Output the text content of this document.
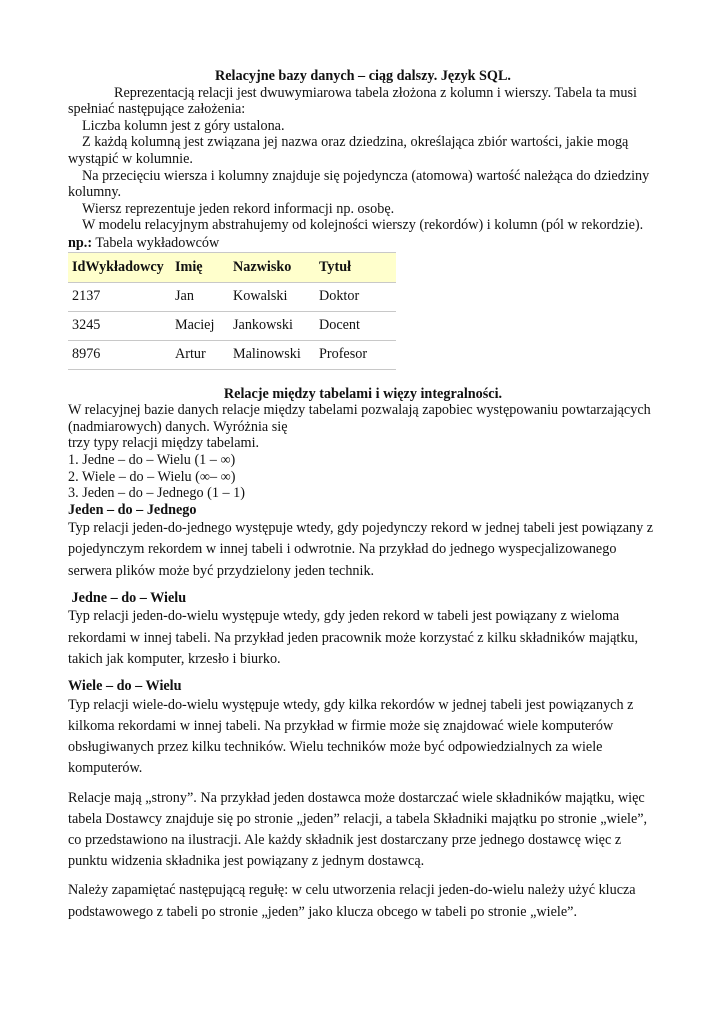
Relacyjne bazy danych – ciąg dalszy. Język SQL.

Reprezentacją relacji jest dwuwymiarowa tabela złożona z kolumn i wierszy. Tabela ta musi spełniać następujące założenia:

Liczba kolumn jest z góry ustalona.

Z każdą kolumną jest związana jej nazwa oraz dziedzina, określająca zbiór wartości, jakie mogą wystąpić w kolumnie.

Na przecięciu wiersza i kolumny znajduje się pojedyncza (atomowa) wartość należąca do dziedziny kolumny.

Wiersz reprezentuje jeden rekord informacji np. osobę.

W modelu relacyjnym abstrahujemy od kolejności wierszy (rekordów) i kolumn (pól w rekordzie).

np.: Tabela wykładowców

IdWykładowcy	Imię	Nazwisko	Tytuł
2137	Jan	Kowalski	Doktor
3245	Maciej	Jankowski	Docent
8976	Artur	Malinowski	Profesor

Relacje między tabelami i więzy integralności.

W relacyjnej bazie danych relacje między tabelami pozwalają zapobiec występowaniu powtarzających (nadmiarowych) danych. Wyróżnia się

trzy typy relacji między tabelami.

1. Jedne – do – Wielu (1 – ∞)

2. Wiele – do – Wielu (∞– ∞)

3. Jeden – do – Jednego (1 – 1)

Jeden – do – Jednego

Typ relacji jeden-do-jednego występuje wtedy, gdy pojedynczy rekord w jednej tabeli jest powiązany z pojedynczym rekordem w innej tabeli i odwrotnie. Na przykład do jednego wyspecjalizowanego serwera plików może być przydzielony jeden technik.

Jedne – do – Wielu

Typ relacji jeden-do-wielu występuje wtedy, gdy jeden rekord w tabeli jest powiązany z wieloma rekordami w innej tabeli. Na przykład jeden pracownik może korzystać z kilku składników majątku, takich jak komputer, krzesło i biurko.

Wiele – do – Wielu

Typ relacji wiele-do-wielu występuje wtedy, gdy kilka rekordów w jednej tabeli jest powiązanych z kilkoma rekordami w innej tabeli. Na przykład w firmie może się znajdować wiele komputerów obsługiwanych przez kilku techników. Wielu techników może być odpowiedzialnych za wiele komputerów.

Relacje mają „strony”. Na przykład jeden dostawca może dostarczać wiele składników majątku, więc tabela Dostawcy znajduje się po stronie „jeden” relacji, a tabela Składniki majątku po stronie „wiele”, co przedstawiono na ilustracji. Ale każdy składnik jest dostarczany prze jednego dostawcę więc z punktu widzenia składnika jest powiązany z jednym dostawcą.

Należy zapamiętać następującą regułę: w celu utworzenia relacji jeden-do-wielu należy użyć klucza podstawowego z tabeli po stronie „jeden” jako klucza obcego w tabeli po stronie „wiele”.
